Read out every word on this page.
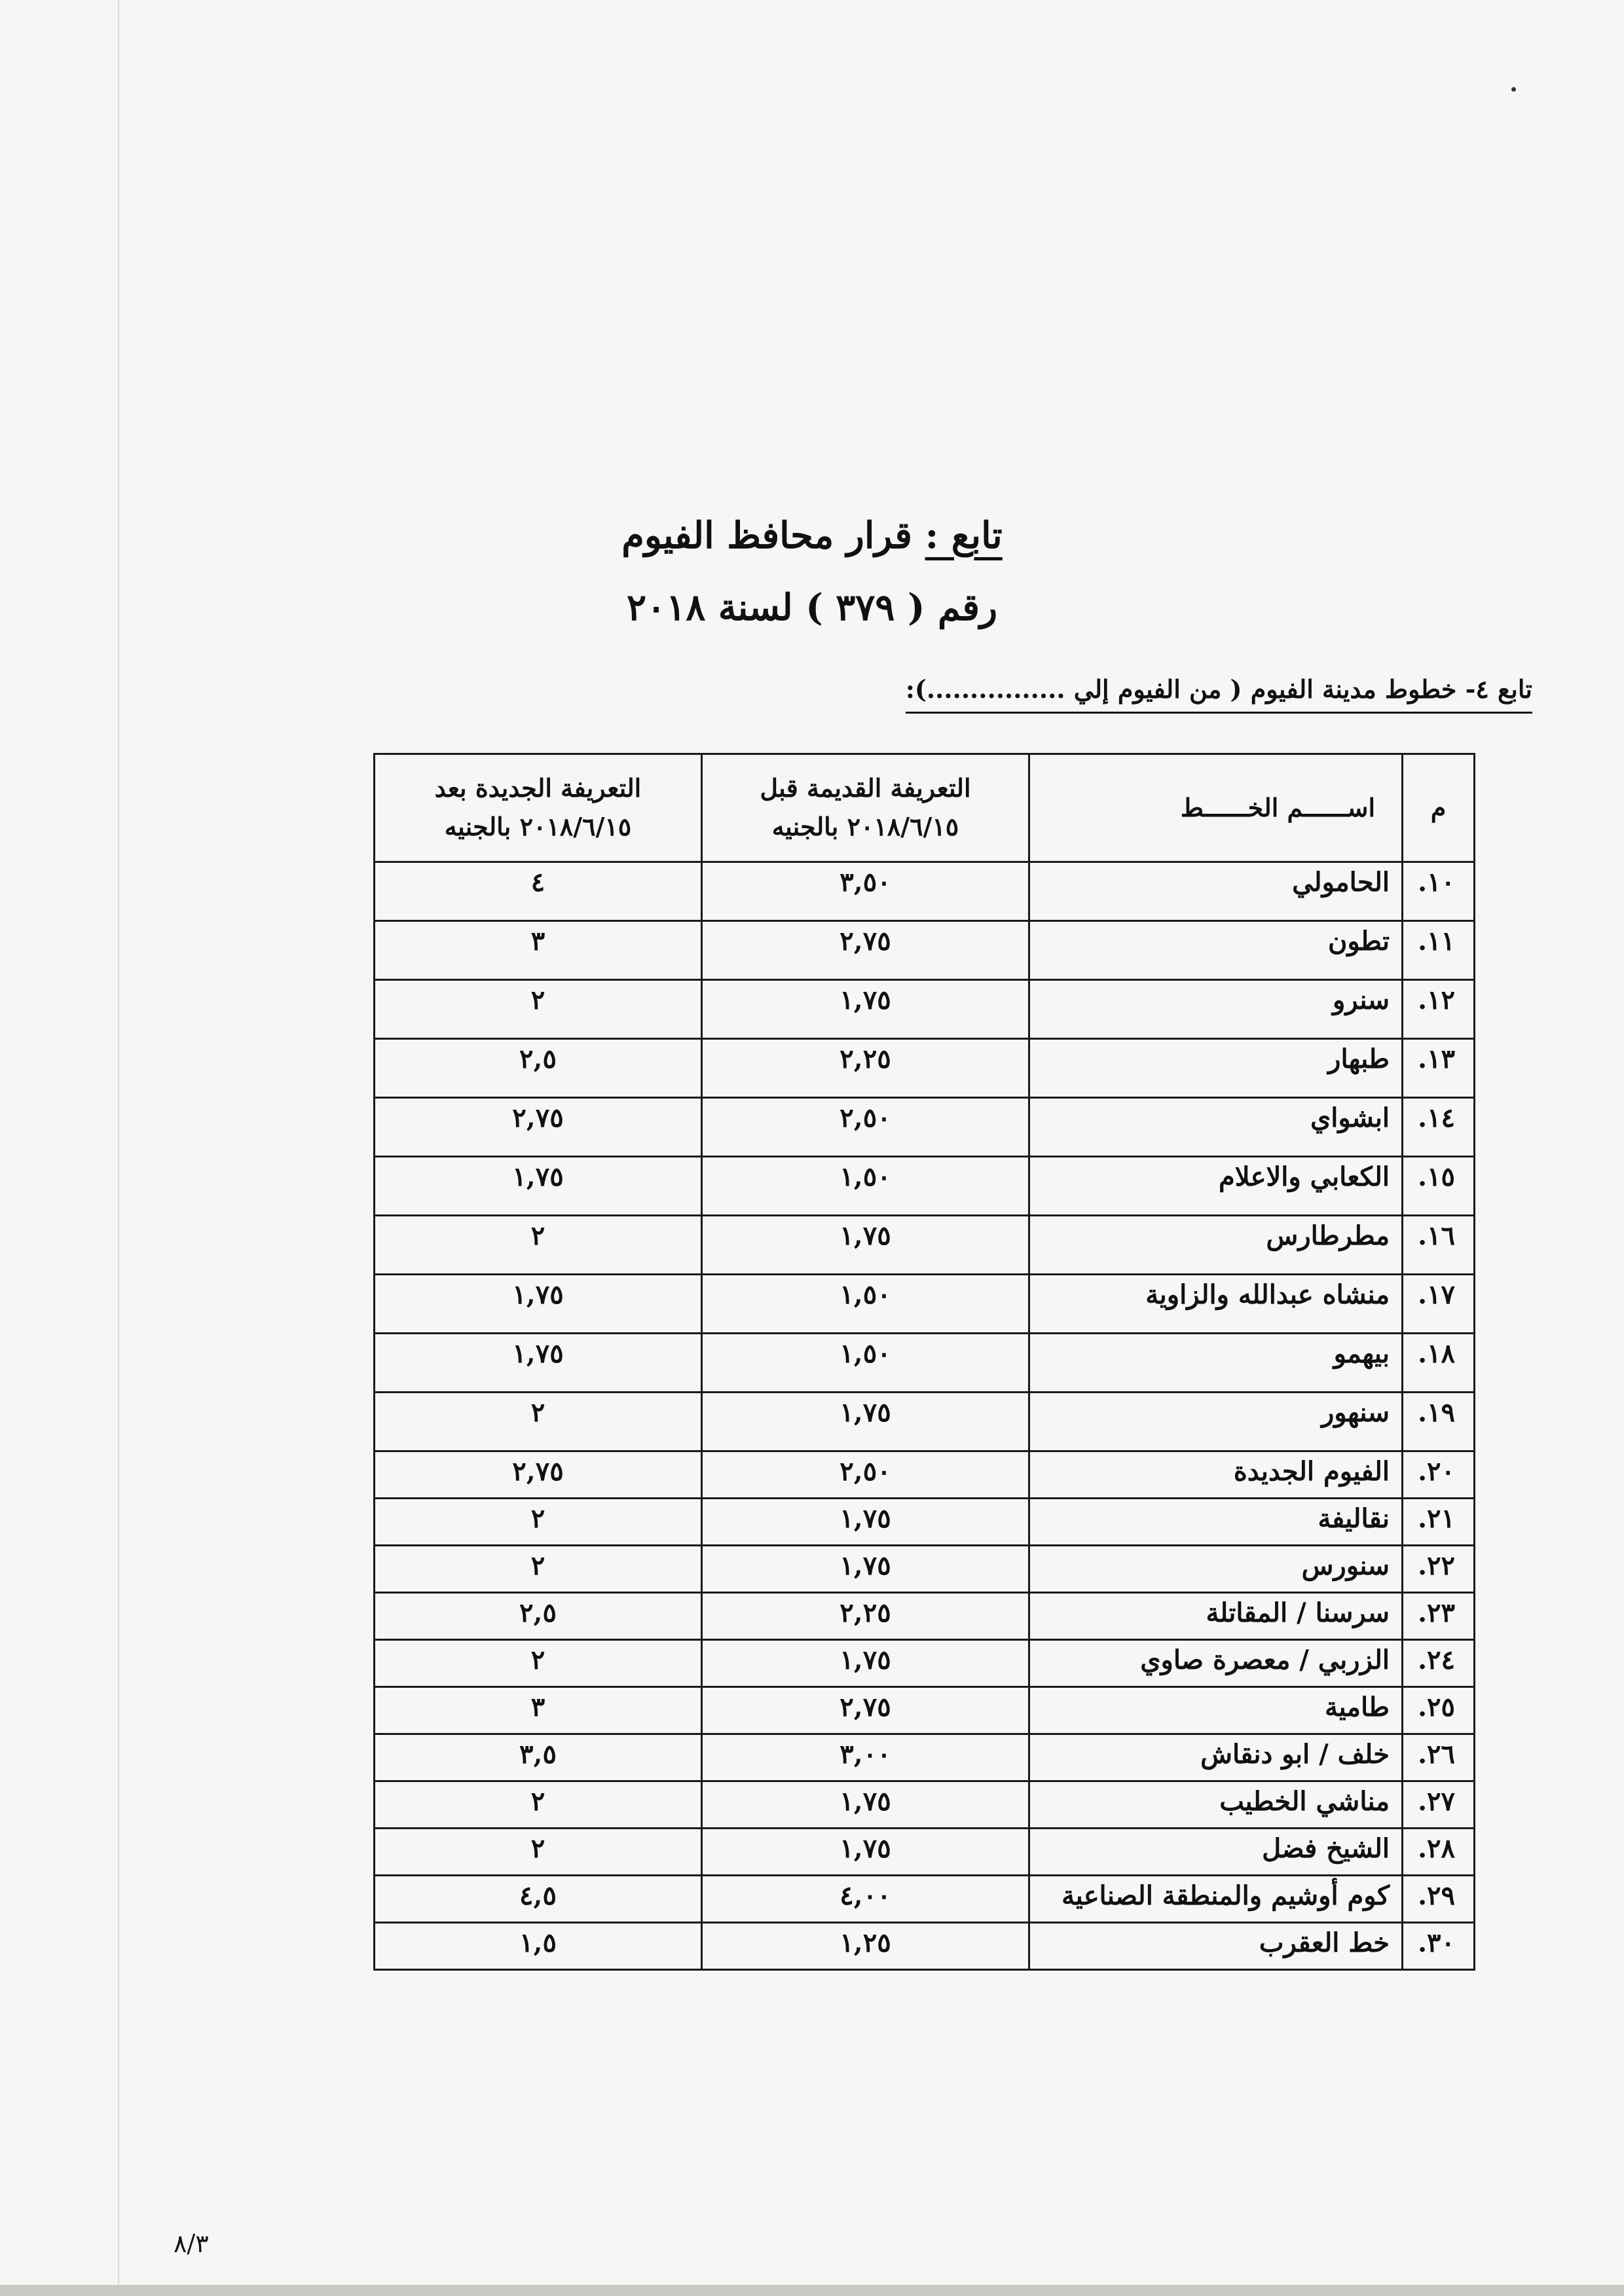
تابع : قرار محافظ الفيوم
رقم ( ٣٧٩ ) لسنة ٢٠١٨
تابع ٤- خطوط مدينة الفيوم ( من الفيوم إلي ................):
م	اســــــم الخــــــط	التعريفة القديمة قبل ٢٠١٨/٦/١٥ بالجنيه	التعريفة الجديدة بعد ٢٠١٨/٦/١٥ بالجنيه
١٠.	الحامولي	٣,٥٠	٤
١١.	تطون	٢,٧٥	٣
١٢.	سنرو	١,٧٥	٢
١٣.	طبهار	٢,٢٥	٢,٥
١٤.	ابشواي	٢,٥٠	٢,٧٥
١٥.	الكعابي والاعلام	١,٥٠	١,٧٥
١٦.	مطرطارس	١,٧٥	٢
١٧.	منشاه عبدالله والزاوية	١,٥٠	١,٧٥
١٨.	بيهمو	١,٥٠	١,٧٥
١٩.	سنهور	١,٧٥	٢
٢٠.	الفيوم الجديدة	٢,٥٠	٢,٧٥
٢١.	نقاليفة	١,٧٥	٢
٢٢.	سنورس	١,٧٥	٢
٢٣.	سرسنا / المقاتلة	٢,٢٥	٢,٥
٢٤.	الزربي / معصرة صاوي	١,٧٥	٢
٢٥.	طامية	٢,٧٥	٣
٢٦.	خلف / ابو دنقاش	٣,٠٠	٣,٥
٢٧.	مناشي الخطيب	١,٧٥	٢
٢٨.	الشيخ فضل	١,٧٥	٢
٢٩.	كوم أوشيم والمنطقة الصناعية	٤,٠٠	٤,٥
٣٠.	خط العقرب	١,٢٥	١,٥
٨/٣
